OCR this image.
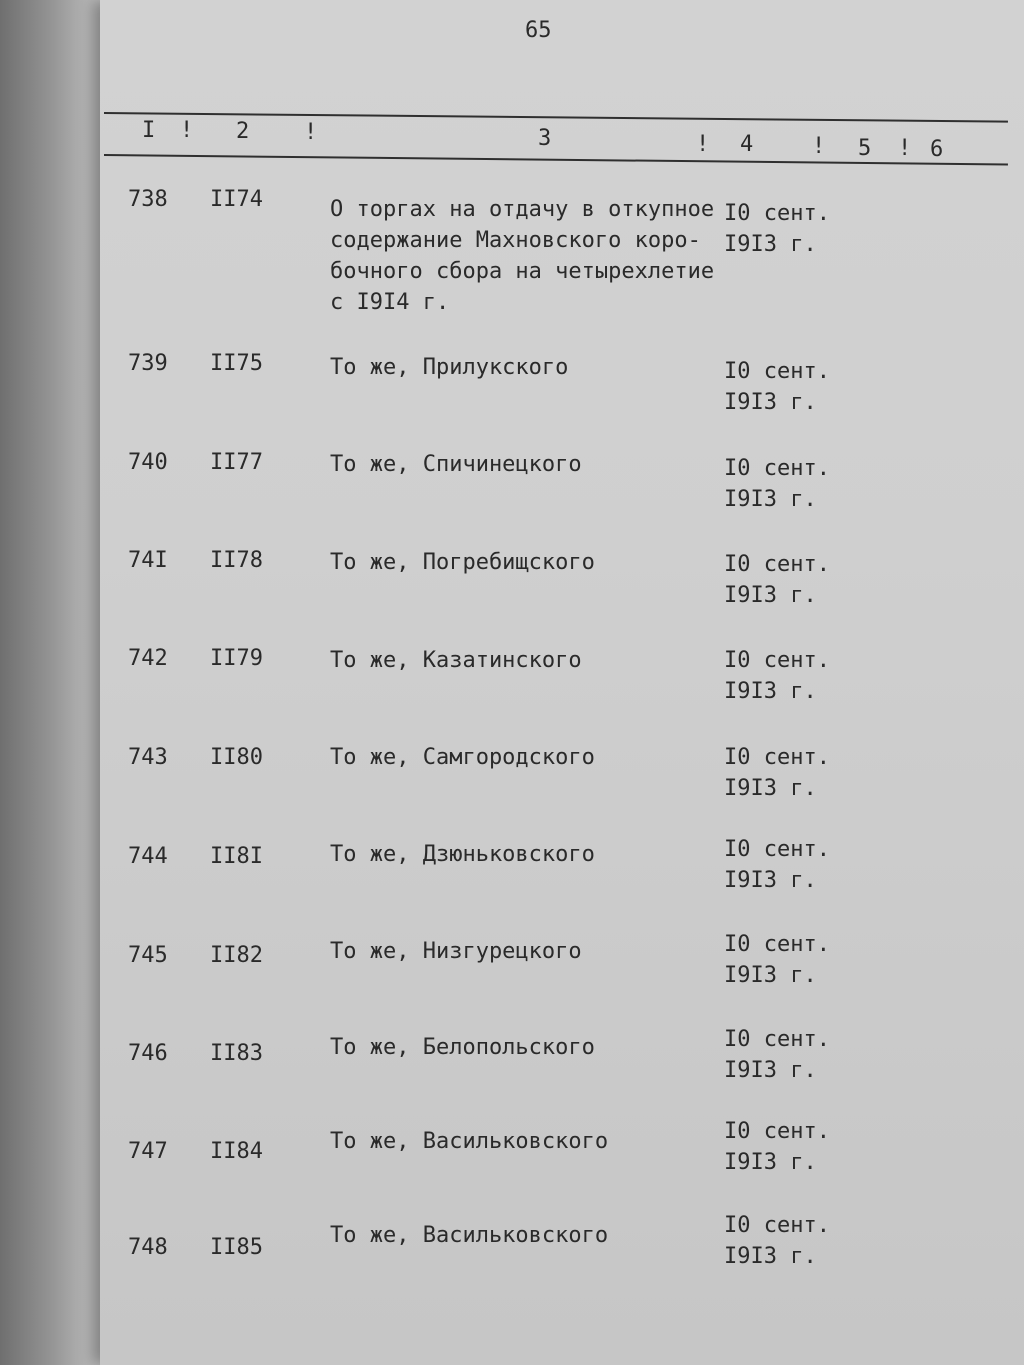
65
I ! 2 !	3	! 4	! 5 ! 6
738 II74	О торгах на отдачу в откупное
содержание Махновского коро-
бочного сбора на четырехлетие
с I9I4 г.
I0 сент.
I9I3 г.
739 II75	То же, Прилукского	I0 сент.
I9I3 г.
740 II77	То же, Спичинецкого	I0 сент.
I9I3 г.
74I II78	То же, Погребищского	I0 сент.
I9I3 г.
742 II79	То же, Казатинского	I0 сент.
I9I3 г.
743 II80	То же, Самгородского	I0 сент.
I9I3 г.
744 II8I	То же, Дзюньковского	I0 сент.
I9I3 г.
745 II82	То же, Низгурецкого	I0 сент.
I9I3 г.
746 II83	То же, Белопольского	I0 сент.
I9I3 г.
747 II84	То же, Васильковского	I0 сент.
I9I3 г.
748 II85	То же, Васильковского	I0 сент.
I9I3 г.
